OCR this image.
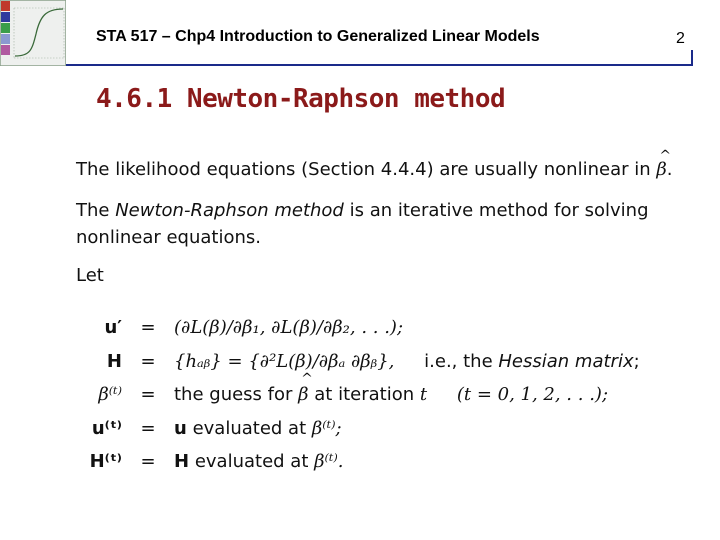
STA 517 – Chp4 Introduction to Generalized Linear Models	2
4.6.1 Newton-Raphson method
The likelihood equations (Section 4.4.4) are usually nonlinear in ^ β.
The Newton-Raphson method is an iterative method for solving
nonlinear equations.
Let
u′	=	(∂L(β)/∂β₁, ∂L(β)/∂β₂, . . .);
H	=	{hₐᵦ} = {∂²L(β)/∂βₐ ∂βᵦ}, i.e., the Hessian matrix;
β⁽ᵗ⁾	=	the guess for ^ β at iteration t (t = 0, 1, 2, . . .);
u⁽ᵗ⁾	=	u evaluated at β⁽ᵗ⁾;
H⁽ᵗ⁾	=	H evaluated at β⁽ᵗ⁾.
